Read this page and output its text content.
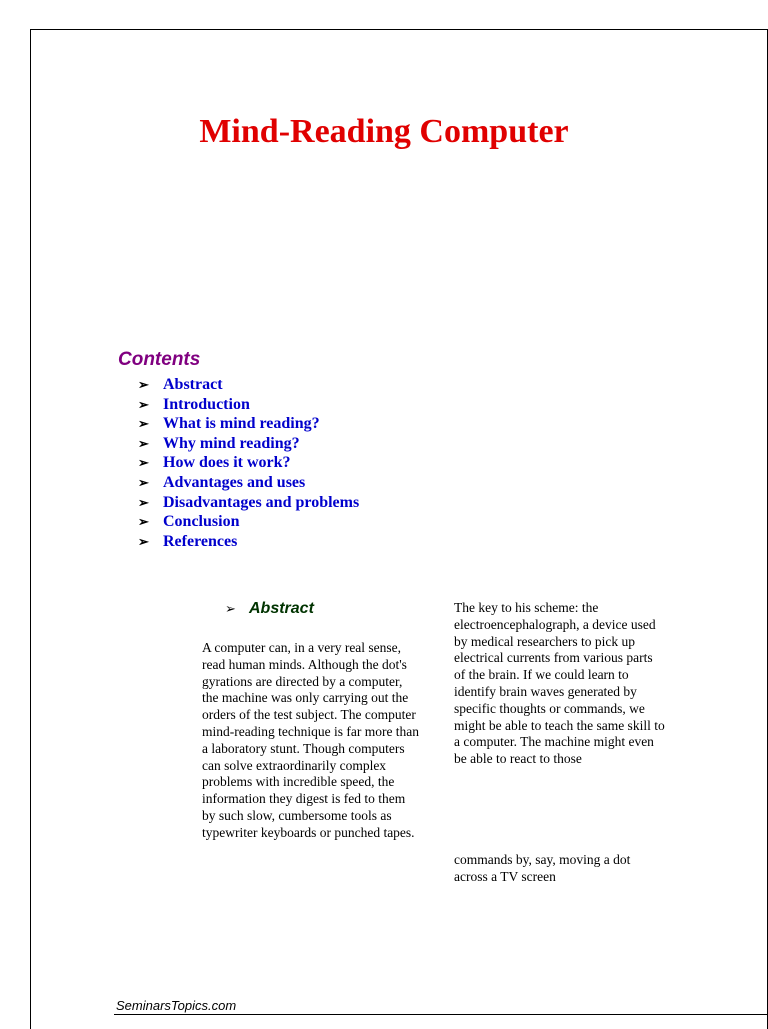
Mind-Reading Computer
Contents
➢ Abstract
➢ Introduction
➢ What is mind reading?
➢ Why mind reading?
➢ How does it work?
➢ Advantages and uses
➢ Disadvantages and problems
➢ Conclusion
➢ References
➢ Abstract

A computer can, in a very real sense, read human minds. Although the dot's gyrations are directed by a computer, the machine was only carrying out the orders of the test subject. The computer mind-reading technique is far more than a laboratory stunt. Though computers can solve extraordinarily complex problems with incredible speed, the information they digest is fed to them by such slow, cumbersome tools as typewriter keyboards or punched tapes.

The key to his scheme: the electroencephalograph, a device used by medical researchers to pick up electrical currents from various parts of the brain. If we could learn to identify brain waves generated by specific thoughts or commands, we might be able to teach the same skill to a computer. The machine might even be able to react to those

commands by, say, moving a dot across a TV screen

SeminarsTopics.com
